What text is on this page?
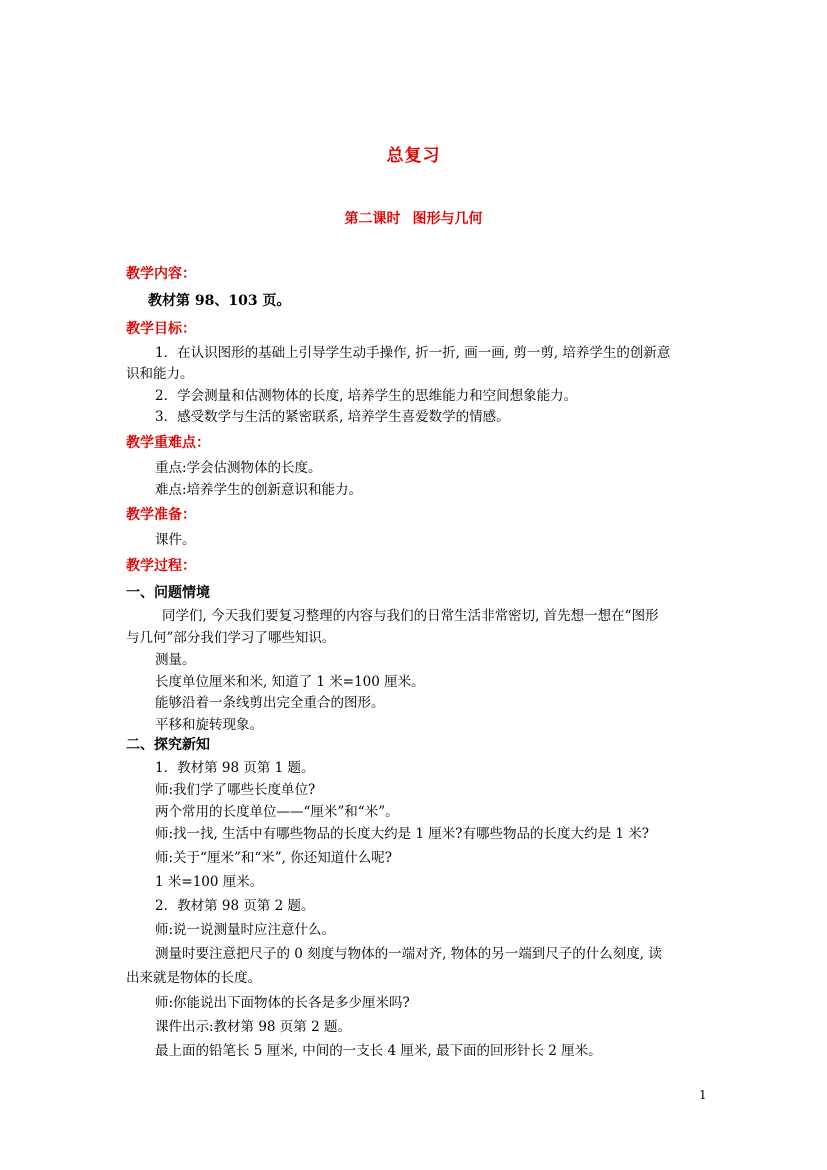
总复习
第二课时 图形与几何
教学内容：
教材第 98、103 页。
教学目标：
1．在认识图形的基础上引导学生动手操作, 折一折, 画一画, 剪一剪, 培养学生的创新意
识和能力。
2．学会测量和估测物体的长度, 培养学生的思维能力和空间想象能力。
3．感受数学与生活的紧密联系, 培养学生喜爱数学的情感。
教学重难点：
重点:学会估测物体的长度。
难点:培养学生的创新意识和能力。
教学准备：
课件。
教学过程：
一、问题情境
同学们, 今天我们要复习整理的内容与我们的日常生活非常密切, 首先想一想在“图形
与几何”部分我们学习了哪些知识。
测量。
长度单位厘米和米, 知道了 1 米=100 厘米。
能够沿着一条线剪出完全重合的图形。
平移和旋转现象。
二、探究新知
1．教材第 98 页第 1 题。
师:我们学了哪些长度单位?
两个常用的长度单位——“厘米”和“米”。
师:找一找, 生活中有哪些物品的长度大约是 1 厘米?有哪些物品的长度大约是 1 米?
师:关于“厘米”和“米”, 你还知道什么呢?
1 米=100 厘米。
2．教材第 98 页第 2 题。
师:说一说测量时应注意什么。
测量时要注意把尺子的 0 刻度与物体的一端对齐, 物体的另一端到尺子的什么刻度, 读
出来就是物体的长度。
师:你能说出下面物体的长各是多少厘米吗?
课件出示:教材第 98 页第 2 题。
最上面的铅笔长 5 厘米, 中间的一支长 4 厘米, 最下面的回形针长 2 厘米。
1
